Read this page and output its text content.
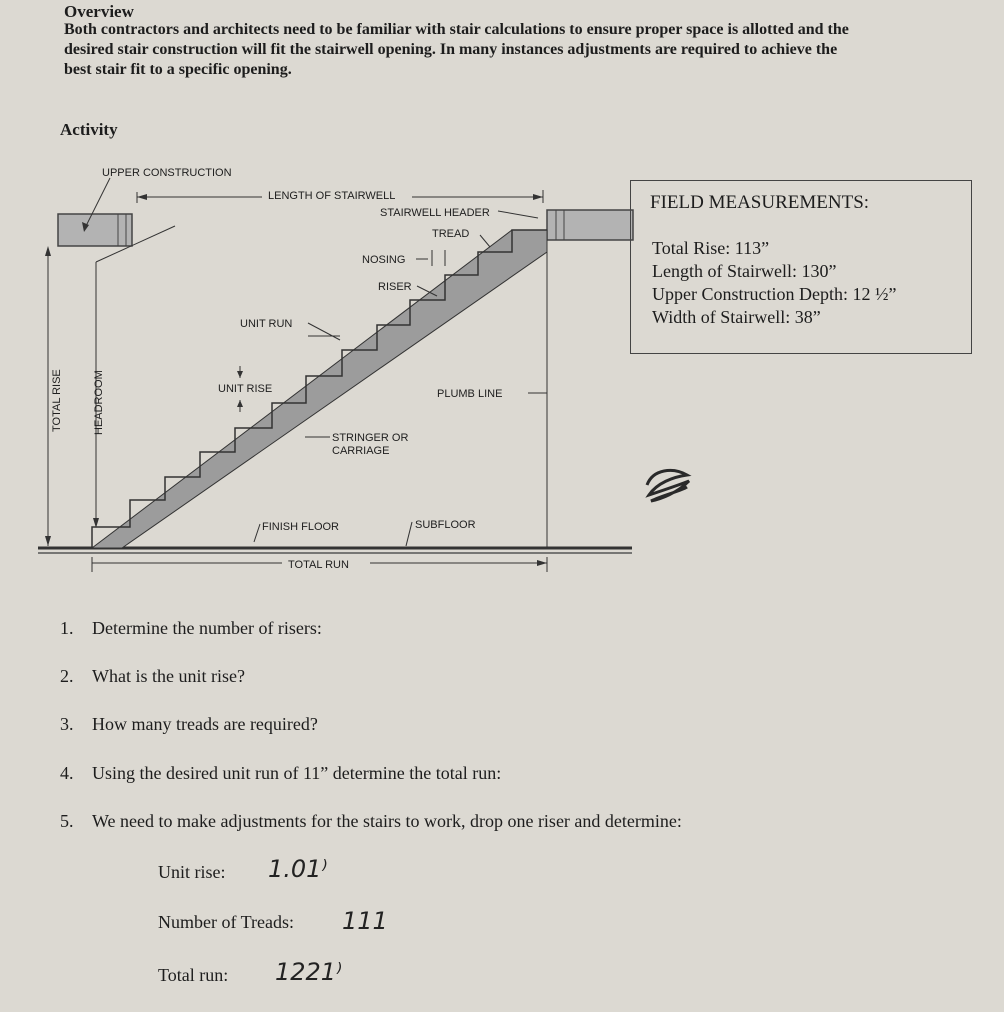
Overview
Both contractors and architects need to be familiar with stair calculations to ensure proper space is allotted and the
desired stair construction will fit the stairwell opening. In many instances adjustments are required to achieve the
best stair fit to a specific opening.
Activity
UPPER CONSTRUCTION
LENGTH OF STAIRWELL
STAIRWELL HEADER
TREAD
NOSING
RISER
UNIT RUN
UNIT RISE	PLUMB LINE
STRINGER OR
CARRIAGE
FINISH FLOOR	SUBFLOOR
TOTAL RUN
TOTAL RISE	HEADROOM
FIELD MEASUREMENTS:
Total Rise: 113”
Length of Stairwell: 130”
Upper Construction Depth: 12 ½”
Width of Stairwell: 38”
1. Determine the number of risers:
2. What is the unit rise?
3. How many treads are required?
4. Using the desired unit run of 11” determine the total run:
5. We need to make adjustments for the stairs to work, drop one riser and determine:
Unit rise: 1.01⁾
Number of Treads: 111
Total run: 1221⁾
